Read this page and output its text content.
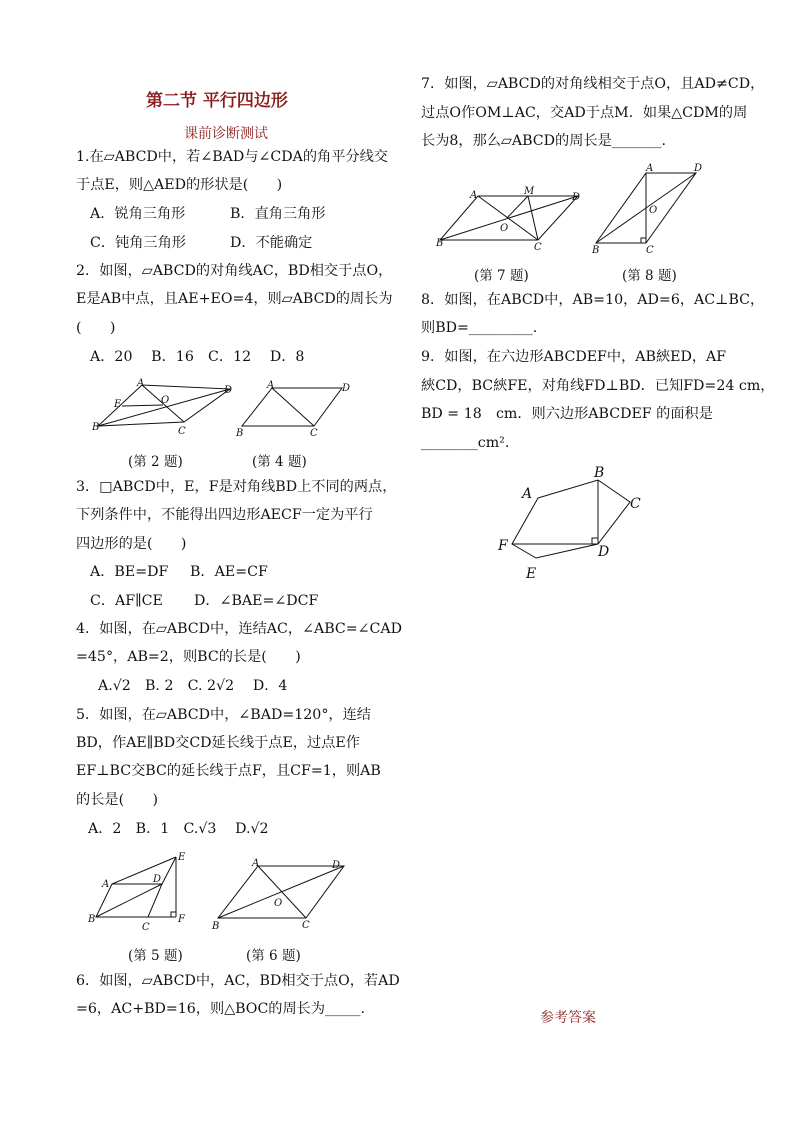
第二节 平行四边形
课前诊断测试
1.在▱ABCD中，若∠BAD与∠CDA的角平分线交
于点E，则△AED的形状是(　　)
A．锐角三角形	B．直角三角形
C．钝角三角形	D．不能确定
2．如图，▱ABCD的对角线AC，BD相交于点O，
E是AB中点，且AE+EO=4，则▱ABCD的周长为
(　　)
A．20　 B．16　C．12　 D．8
A
D
B	C
E	O
A	D
B	C
(第 2 题)	(第 4 题)
3．□ABCD中，E，F是对角线BD上不同的两点，
下列条件中，不能得出四边形AECF一定为平行
四边形的是(　　)
A．BE=DF B．AE=CF
C．AF∥CE D．∠BAE=∠DCF
4．如图，在▱ABCD中，连结AC，∠ABC=∠CAD
=45°，AB=2，则BC的长是(　　)
A.√2　B. 2　C. 2√2　 D．4
5．如图，在▱ABCD中，∠BAD=120°，连结
BD，作AE∥BD交CD延长线于点E，过点E作
EF⊥BC交BC的延长线于点F，且CF=1，则AB
的长是(　　)
A．2　B．1　C.√3　 D.√2
A	D
E
B
C
F
A	D
B	C
O
(第 5 题)	(第 6 题)
6．如图，▱ABCD中，AC，BD相交于点O，若AD
=6，AC+BD=16，则△BOC的周长为_____.
7．如图，▱ABCD的对角线相交于点O，且AD≠CD，
过点O作OM⊥AC，交AD于点M．如果△CDM的周
长为8，那么▱ABCD的周长是_______.
A	M
D
B	C
O
A	D
B	C
O
(第 7 题)	(第 8 题)
8．如图，在ABCD中，AB=10，AD=6，AC⊥BC，
则BD=_________.
9．如图，在六边形ABCDEF中，AB綊ED，AF
綊CD，BC綊FE，对角线FD⊥BD．已知FD=24 cm，
BD = 18　cm．则六边形ABCDEF 的面积是
________cm².
A
B
C
D
E
F
参考答案
